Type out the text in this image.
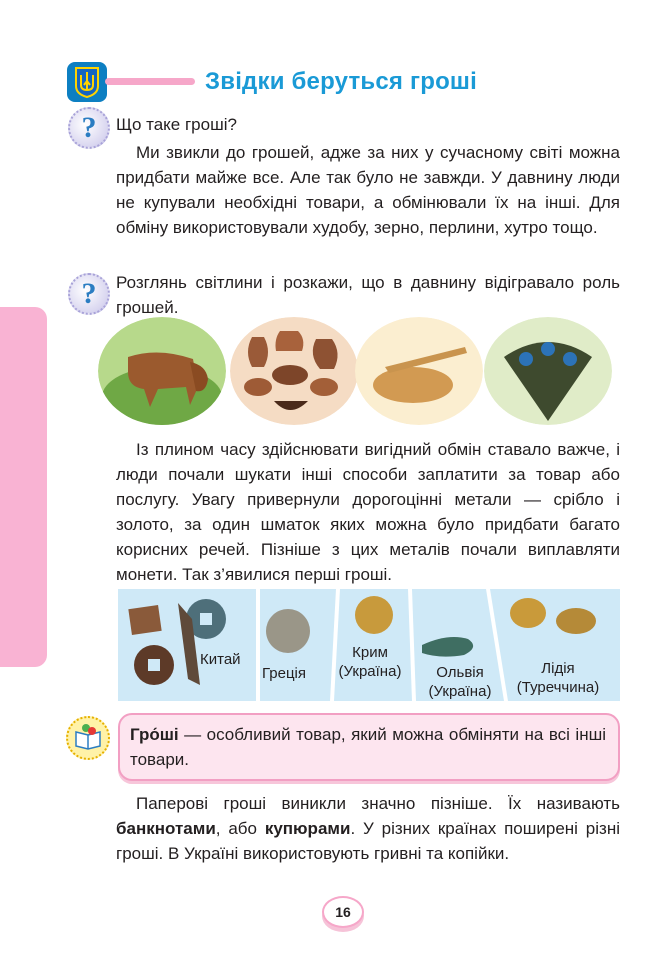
Звідки беруться гроші
? Що таке гроші?
Ми звикли до грошей, адже за них у сучасному світі можна придбати майже все. Але так було не завжди. У давнину люди не купували необхідні товари, а обмінювали їх на інші. Для обміну використовували худобу, зерно, перлини, хутро тощо.
? Розглянь світлини і розкажи, що в давнину відігравало роль грошей.
Із плином часу здійснювати вигідний обмін ставало важче, і люди почали шукати інші способи заплатити за товар або послугу. Увагу привернули дорогоцінні метали — срібло і золото, за один шматок яких можна було придбати багато корисних речей. Пізніше з цих металів почали виплавляти монети. Так з’явилися перші гроші.
Китай
Греція
Крим
(Україна)	Ольвія
(Україна)
Лідія
(Туреччина)
Гро́ші — особливий товар, який можна обміняти на всі інші товари.
Паперові гроші виникли значно пізніше. Їх називають банкнотами, або купюрами. У різних країнах поширені різні гроші. В Україні використовують гривні та копійки.
16
